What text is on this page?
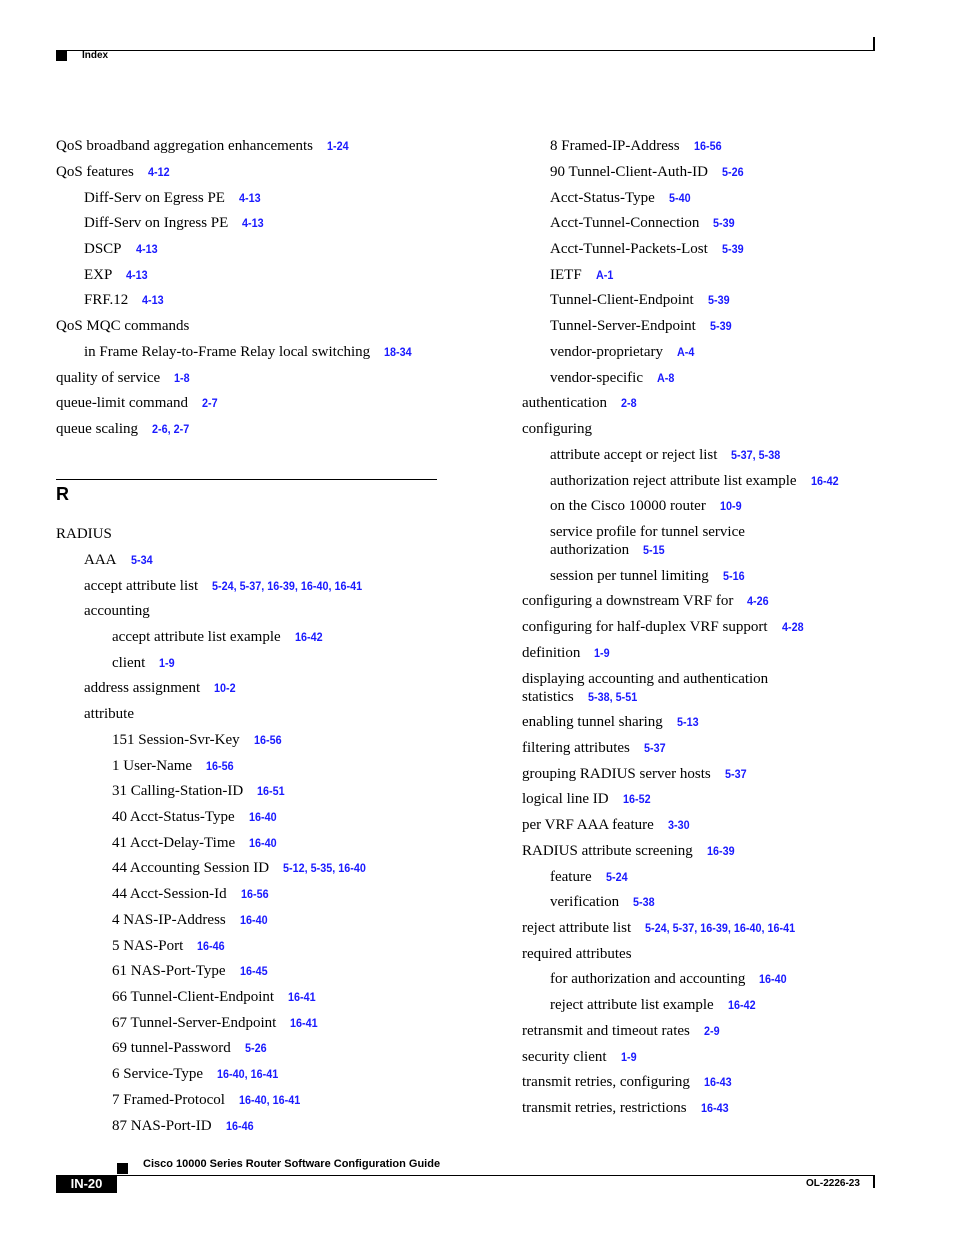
Index
R
QoS broadband aggregation enhancements 1-24
QoS features 4-12
Diff-Serv on Egress PE 4-13
Diff-Serv on Ingress PE 4-13
DSCP 4-13
EXP 4-13
FRF.12 4-13
QoS MQC commands
in Frame Relay-to-Frame Relay local switching 18-34
quality of service 1-8
queue-limit command 2-7
queue scaling 2-6, 2-7
RADIUS
AAA 5-34
accept attribute list 5-24, 5-37, 16-39, 16-40, 16-41
accounting
accept attribute list example 16-42
client 1-9
address assignment 10-2
attribute
151 Session-Svr-Key 16-56
1 User-Name 16-56
31 Calling-Station-ID 16-51
40 Acct-Status-Type 16-40
41 Acct-Delay-Time 16-40
44 Accounting Session ID 5-12, 5-35, 16-40
44 Acct-Session-Id 16-56
4 NAS-IP-Address 16-40
5 NAS-Port 16-46
61 NAS-Port-Type 16-45
66 Tunnel-Client-Endpoint 16-41
67 Tunnel-Server-Endpoint 16-41
69 tunnel-Password 5-26
6 Service-Type 16-40, 16-41
7 Framed-Protocol 16-40, 16-41
87 NAS-Port-ID 16-46
8 Framed-IP-Address 16-56
90 Tunnel-Client-Auth-ID 5-26
Acct-Status-Type 5-40
Acct-Tunnel-Connection 5-39
Acct-Tunnel-Packets-Lost 5-39
IETF A-1
Tunnel-Client-Endpoint 5-39
Tunnel-Server-Endpoint 5-39
vendor-proprietary A-4
vendor-specific A-8
authentication 2-8
configuring
attribute accept or reject list 5-37, 5-38
authorization reject attribute list example 16-42
on the Cisco 10000 router 10-9
service profile for tunnel service authorization 5-15
session per tunnel limiting 5-16
configuring a downstream VRF for 4-26
configuring for half-duplex VRF support 4-28
definition 1-9
displaying accounting and authentication statistics 5-38, 5-51
enabling tunnel sharing 5-13
filtering attributes 5-37
grouping RADIUS server hosts 5-37
logical line ID 16-52
per VRF AAA feature 3-30
RADIUS attribute screening 16-39
feature 5-24
verification 5-38
reject attribute list 5-24, 5-37, 16-39, 16-40, 16-41
required attributes
for authorization and accounting 16-40
reject attribute list example 16-42
retransmit and timeout rates 2-9
security client 1-9
transmit retries, configuring 16-43
transmit retries, restrictions 16-43
Cisco 10000 Series Router Software Configuration Guide
IN-20	OL-2226-23
